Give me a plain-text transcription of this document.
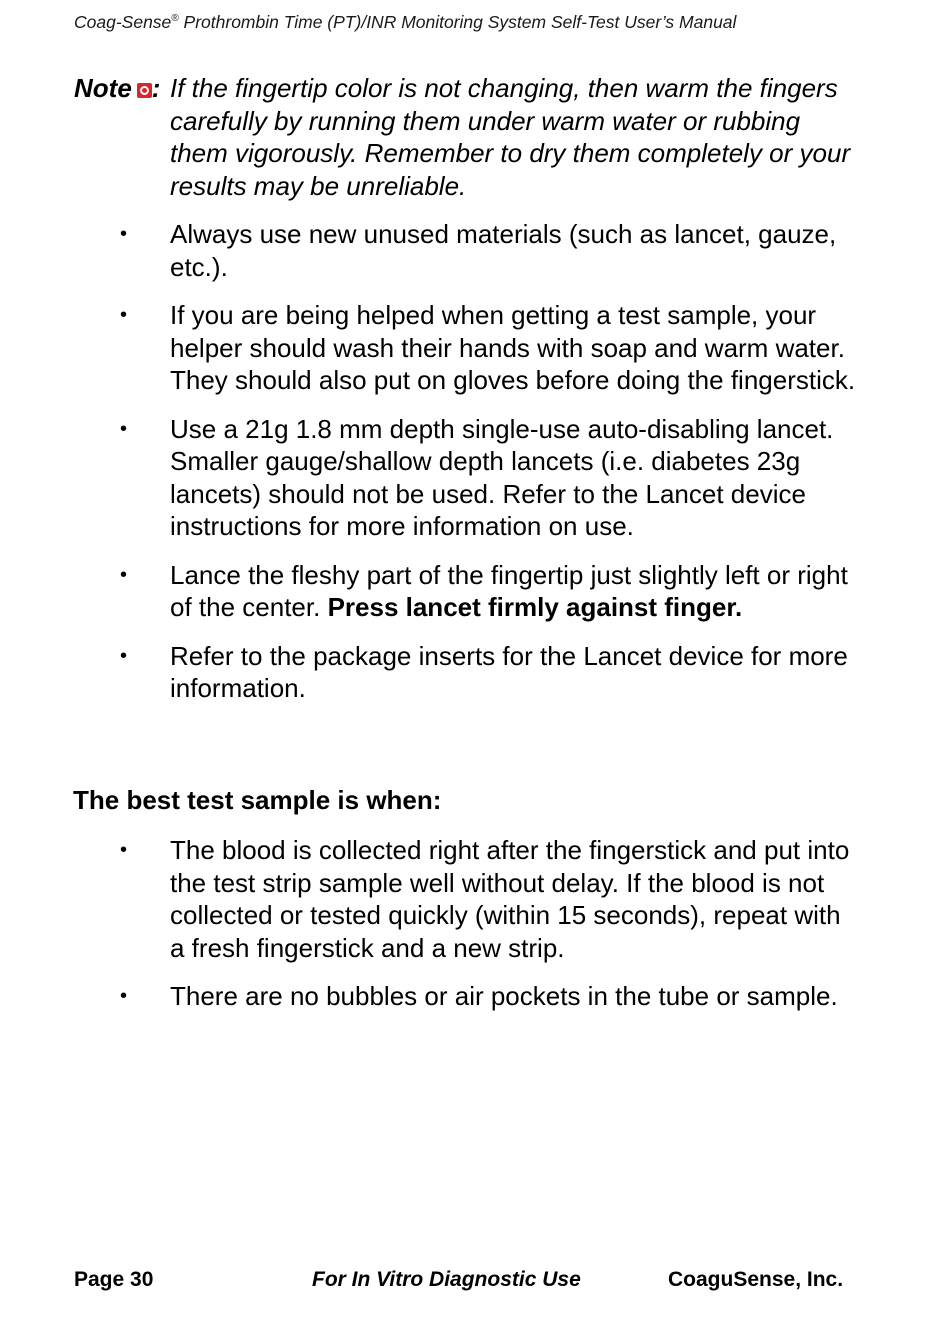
Coag-Sense® Prothrombin Time (PT)/INR Monitoring System Self-Test User’s Manual
Note : If the fingertip color is not changing, then warm the fingers carefully by running them under warm water or rubbing them vigorously. Remember to dry them completely or your results may be unreliable.
• Always use new unused materials (such as lancet, gauze, etc.).
• If you are being helped when getting a test sample, your helper should wash their hands with soap and warm water. They should also put on gloves before doing the fingerstick.
• Use a 21g 1.8 mm depth single-use auto-disabling lancet. Smaller gauge/shallow depth lancets (i.e. diabetes 23g lancets) should not be used. Refer to the Lancet device instructions for more information on use.
• Lance the fleshy part of the fingertip just slightly left or right of the center. Press lancet firmly against finger.
• Refer to the package inserts for the Lancet device for more information.
The best test sample is when:
• The blood is collected right after the fingerstick and put into the test strip sample well without delay. If the blood is not collected or tested quickly (within 15 seconds), repeat with a fresh fingerstick and a new strip.
• There are no bubbles or air pockets in the tube or sample.
Page 30	For In Vitro Diagnostic Use	CoaguSense, Inc.
